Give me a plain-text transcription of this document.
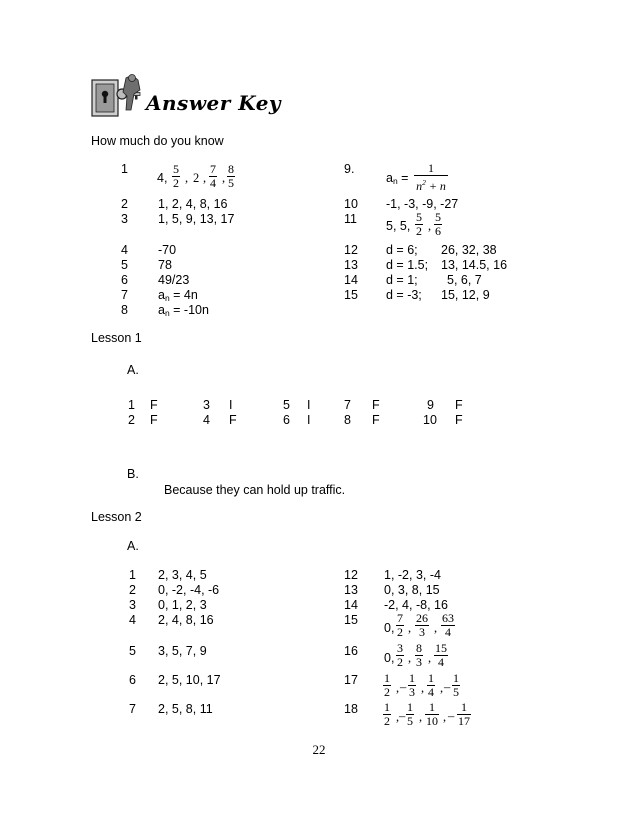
Answer Key
How much do you know
1
4, $\frac{5}{2}$ , 2 , $\frac{7}{4}$ , $\frac{8}{5}$
2 1, 2, 4, 8, 16
3 1, 5, 9, 13, 17
4 -70
5 78
6 49/23
7 $a_n = 4n$
8 $a_n = -10n$
9.
$a_n = \frac{1}{n^2 + n}$
10 -1, -3, -9, -27
11 5, 5, $\frac{5}{2}$ , $\frac{5}{6}$
12 d = 6; 26, 32, 38
13 d = 1.5; 13, 14.5, 16
14 d = 1; 5, 6, 7
15 d = -3; 15, 12, 9
Lesson 1
A.
1 F	3 I	5 I	7 F	9 F
2 F	4 F	6 I	8 F	10 F
B.
Because they can hold up traffic.
Lesson 2
A.
1 2, 3, 4, 5
2 0, -2, -4, -6
3 0, 1, 2, 3
4 2, 4, 8, 16
5 3, 5, 7, 9
6 2, 5, 10, 17
7 2, 5, 8, 11
12 1, -2, 3, -4
13 0, 3, 8, 15
14 -2, 4, -8, 16
15
0, $\frac{7}{2}$ , $\frac{26}{3}$ , $\frac{63}{4}$
16 0, $\frac{3}{2}$ , $\frac{8}{3}$ , $\frac{15}{4}$
$17 \frac{1}{2}$ , – $\frac{1}{3}$ , $\frac{1}{4}$ , – $\frac{1}{5}$
$18 \frac{1}{2}$ , – $\frac{1}{5}$ , $\frac{1}{10}$ , – $\frac{1}{17}$
22
